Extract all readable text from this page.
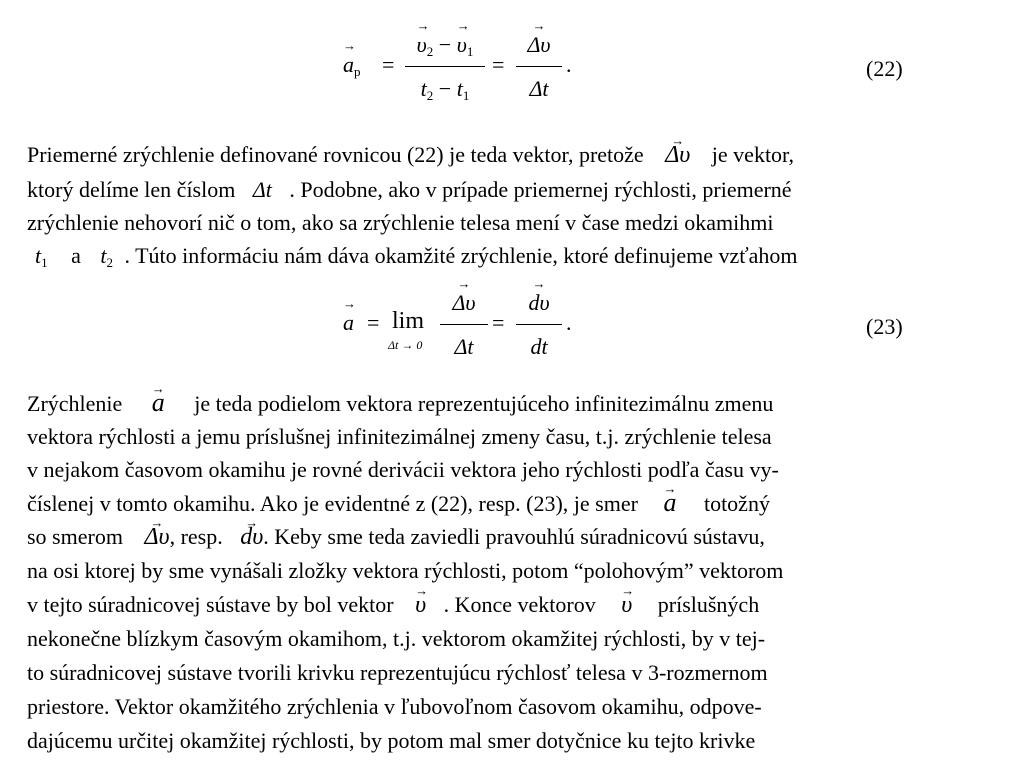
→ $a_p$ =
→ $\upsilon_2$ − → $\upsilon_1$
$t_2 - t_1$
=
→ Δυ
Δt
.	(22)
Priemerné zrýchlenie definované rovnicou (22) je teda vektor, pretože → Δυ je vektor,
ktorý delíme len číslom Δt . Podobne, ako v prípade priemernej rýchlosti, priemerné
zrýchlenie nehovorí nič o tom, ako sa zrýchlenie telesa mení v čase medzi okamihmi
$t_1$ a $t_2$ . Túto informáciu nám dáva okamžité zrýchlenie, ktoré definujeme vzťahom
→ a = lim
Δt → 0
→ Δυ
Δt
=
→ dυ
dt
.	(23)
Zrýchlenie → a je teda podielom vektora reprezentujúceho infinitezimálnu zmenu
vektora rýchlosti a jemu príslušnej infinitezimálnej zmeny času, t.j. zrýchlenie telesa
v nejakom časovom okamihu je rovné derivácii vektora jeho rýchlosti podľa času vy-
číslenej v tomto okamihu. Ako je evidentné z (22), resp. (23), je smer → a totožný
so smerom → Δυ, resp. → dυ. Keby sme teda zaviedli pravouhlú súradnicovú sústavu,
na osi ktorej by sme vynášali zložky vektora rýchlosti, potom “polohovým” vektorom
v tejto súradnicovej sústave by bol vektor → υ . Konce vektorov → υ príslušných
nekonečne blízkym časovým okamihom, t.j. vektorom okamžitej rýchlosti, by v tej-
to súradnicovej sústave tvorili krivku reprezentujúcu rýchlosť telesa v 3-rozmernom
priestore. Vektor okamžitého zrýchlenia v ľubovoľnom časovom okamihu, odpove-
dajúcemu určitej okamžitej rýchlosti, by potom mal smer dotyčnice ku tejto krivke
